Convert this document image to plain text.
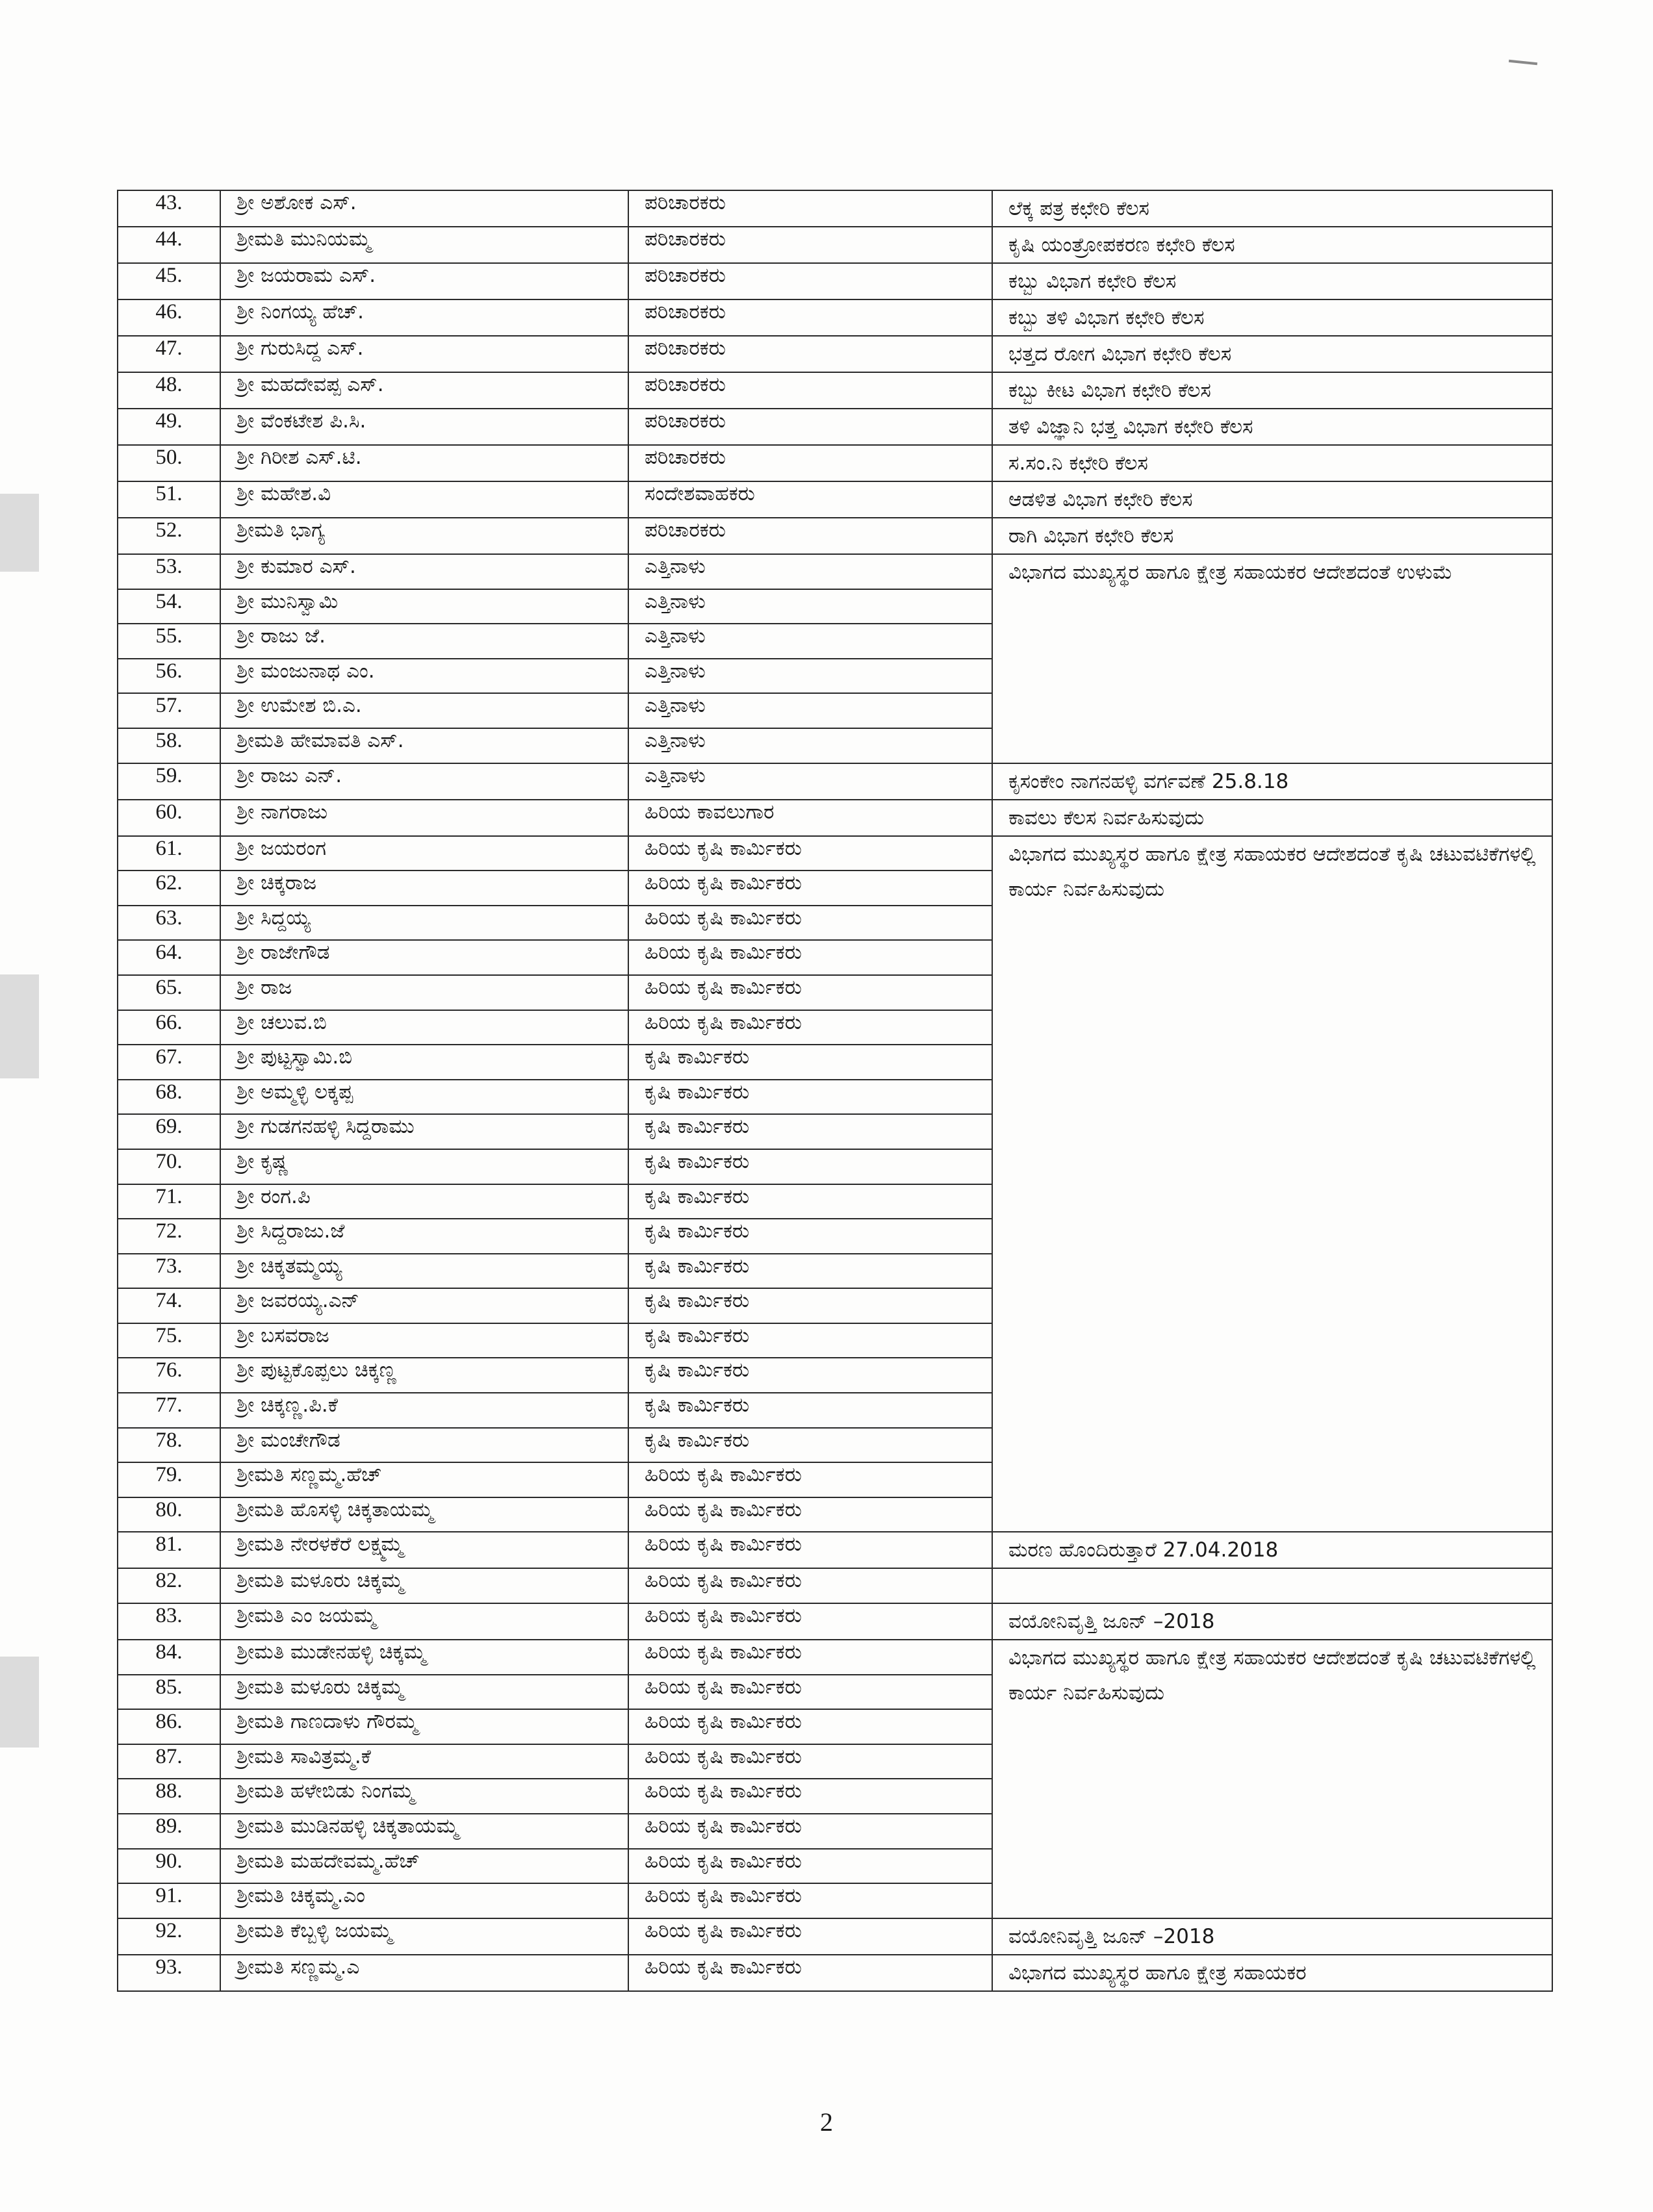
43.	ಶ್ರೀ ಅಶೋಕ ಎಸ್.	ಪರಿಚಾರಕರು	ಲೆಕ್ಕ ಪತ್ರ ಕಛೇರಿ ಕೆಲಸ
44.	ಶ್ರೀಮತಿ ಮುನಿಯಮ್ಮ	ಪರಿಚಾರಕರು	ಕೃಷಿ ಯಂತ್ರೋಪಕರಣ ಕಛೇರಿ ಕೆಲಸ
45.	ಶ್ರೀ ಜಯರಾಮ ಎಸ್.	ಪರಿಚಾರಕರು	ಕಬ್ಬು ವಿಭಾಗ ಕಛೇರಿ ಕೆಲಸ
46.	ಶ್ರೀ ನಿಂಗಯ್ಯ ಹೆಚ್.	ಪರಿಚಾರಕರು	ಕಬ್ಬು ತಳಿ ವಿಭಾಗ ಕಛೇರಿ ಕೆಲಸ
47.	ಶ್ರೀ ಗುರುಸಿದ್ದ ಎಸ್.	ಪರಿಚಾರಕರು	ಭತ್ತದ ರೋಗ ವಿಭಾಗ ಕಛೇರಿ ಕೆಲಸ
48.	ಶ್ರೀ ಮಹದೇವಪ್ಪ ಎಸ್.	ಪರಿಚಾರಕರು	ಕಬ್ಬು ಕೀಟ ವಿಭಾಗ ಕಛೇರಿ ಕೆಲಸ
49.	ಶ್ರೀ ವೆಂಕಟೇಶ ಪಿ.ಸಿ.	ಪರಿಚಾರಕರು	ತಳಿ ವಿಜ್ಞಾನಿ ಭತ್ತ ವಿಭಾಗ ಕಛೇರಿ ಕೆಲಸ
50.	ಶ್ರೀ ಗಿರೀಶ ಎಸ್.ಟಿ.	ಪರಿಚಾರಕರು	ಸ.ಸಂ.ನಿ ಕಛೇರಿ ಕೆಲಸ
51.	ಶ್ರೀ ಮಹೇಶ.ವಿ	ಸಂದೇಶವಾಹಕರು	ಆಡಳಿತ ವಿಭಾಗ ಕಛೇರಿ ಕೆಲಸ
52.	ಶ್ರೀಮತಿ ಭಾಗ್ಯ	ಪರಿಚಾರಕರು	ರಾಗಿ ವಿಭಾಗ ಕಛೇರಿ ಕೆಲಸ
53.	ಶ್ರೀ ಕುಮಾರ ಎಸ್.	ಎತ್ತಿನಾಳು	ವಿಭಾಗದ ಮುಖ್ಯಸ್ಥರ ಹಾಗೂ ಕ್ಷೇತ್ರ ಸಹಾಯಕರ ಆದೇಶದಂತೆ ಉಳುಮೆ
54.	ಶ್ರೀ ಮುನಿಸ್ವಾಮಿ	ಎತ್ತಿನಾಳು	
55.	ಶ್ರೀ ರಾಜು ಜೆ.	ಎತ್ತಿನಾಳು	
56.	ಶ್ರೀ ಮಂಜುನಾಥ ಎಂ.	ಎತ್ತಿನಾಳು	
57.	ಶ್ರೀ ಉಮೇಶ ಬಿ.ಎ.	ಎತ್ತಿನಾಳು	
58.	ಶ್ರೀಮತಿ ಹೇಮಾವತಿ ಎಸ್.	ಎತ್ತಿನಾಳು	
59.	ಶ್ರೀ ರಾಜು ಎನ್.	ಎತ್ತಿನಾಳು	ಕೃಸಂಕೇಂ ನಾಗನಹಳ್ಳಿ ವರ್ಗವಣೆ 25.8.18
60.	ಶ್ರೀ ನಾಗರಾಜು	ಹಿರಿಯ ಕಾವಲುಗಾರ	ಕಾವಲು ಕೆಲಸ ನಿರ್ವಹಿಸುವುದು
61.	ಶ್ರೀ ಜಯರಂಗ	ಹಿರಿಯ ಕೃಷಿ ಕಾರ್ಮಿಕರು	ವಿಭಾಗದ ಮುಖ್ಯಸ್ಥರ ಹಾಗೂ ಕ್ಷೇತ್ರ ಸಹಾಯಕರ ಆದೇಶದಂತೆ ಕೃಷಿ ಚಟುವಟಿಕೆಗಳಲ್ಲಿ ಕಾರ್ಯ ನಿರ್ವಹಿಸುವುದು
62.	ಶ್ರೀ ಚಿಕ್ಕರಾಜ	ಹಿರಿಯ ಕೃಷಿ ಕಾರ್ಮಿಕರು	
63.	ಶ್ರೀ ಸಿದ್ದಯ್ಯ	ಹಿರಿಯ ಕೃಷಿ ಕಾರ್ಮಿಕರು	
64.	ಶ್ರೀ ರಾಜೇಗೌಡ	ಹಿರಿಯ ಕೃಷಿ ಕಾರ್ಮಿಕರು	
65.	ಶ್ರೀ ರಾಜ	ಹಿರಿಯ ಕೃಷಿ ಕಾರ್ಮಿಕರು	
66.	ಶ್ರೀ ಚಲುವ.ಬಿ	ಹಿರಿಯ ಕೃಷಿ ಕಾರ್ಮಿಕರು	
67.	ಶ್ರೀ ಪುಟ್ಟಸ್ವಾಮಿ.ಬಿ	ಕೃಷಿ ಕಾರ್ಮಿಕರು	
68.	ಶ್ರೀ ಅಮ್ಮಳ್ಳಿ ಲಕ್ಕಪ್ಪ	ಕೃಷಿ ಕಾರ್ಮಿಕರು	
69.	ಶ್ರೀ ಗುಡಗನಹಳ್ಳಿ ಸಿದ್ದರಾಮು	ಕೃಷಿ ಕಾರ್ಮಿಕರು	
70.	ಶ್ರೀ ಕೃಷ್ಣ	ಕೃಷಿ ಕಾರ್ಮಿಕರು	
71.	ಶ್ರೀ ರಂಗ.ಪಿ	ಕೃಷಿ ಕಾರ್ಮಿಕರು	
72.	ಶ್ರೀ ಸಿದ್ದರಾಜು.ಜೆ	ಕೃಷಿ ಕಾರ್ಮಿಕರು	
73.	ಶ್ರೀ ಚಿಕ್ಕತಮ್ಮಯ್ಯ	ಕೃಷಿ ಕಾರ್ಮಿಕರು	
74.	ಶ್ರೀ ಜವರಯ್ಯ.ಎನ್	ಕೃಷಿ ಕಾರ್ಮಿಕರು	
75.	ಶ್ರೀ ಬಸವರಾಜ	ಕೃಷಿ ಕಾರ್ಮಿಕರು	
76.	ಶ್ರೀ ಪುಟ್ಟಕೊಪ್ಪಲು ಚಿಕ್ಕಣ್ಣ	ಕೃಷಿ ಕಾರ್ಮಿಕರು	
77.	ಶ್ರೀ ಚಿಕ್ಕಣ್ಣ.ಪಿ.ಕೆ	ಕೃಷಿ ಕಾರ್ಮಿಕರು	
78.	ಶ್ರೀ ಮಂಚೇಗೌಡ	ಕೃಷಿ ಕಾರ್ಮಿಕರು	
79.	ಶ್ರೀಮತಿ ಸಣ್ಣಮ್ಮ.ಹೆಚ್	ಹಿರಿಯ ಕೃಷಿ ಕಾರ್ಮಿಕರು	
80.	ಶ್ರೀಮತಿ ಹೊಸಳ್ಳಿ ಚಿಕ್ಕತಾಯಮ್ಮ	ಹಿರಿಯ ಕೃಷಿ ಕಾರ್ಮಿಕರು	
81.	ಶ್ರೀಮತಿ ನೇರಳಕೆರೆ ಲಕ್ಷ್ಮಮ್ಮ	ಹಿರಿಯ ಕೃಷಿ ಕಾರ್ಮಿಕರು	ಮರಣ ಹೊಂದಿರುತ್ತಾರೆ 27.04.2018
82.	ಶ್ರೀಮತಿ ಮಳೂರು ಚಿಕ್ಕಮ್ಮ	ಹಿರಿಯ ಕೃಷಿ ಕಾರ್ಮಿಕರು	
83.	ಶ್ರೀಮತಿ ಎಂ ಜಯಮ್ಮ	ಹಿರಿಯ ಕೃಷಿ ಕಾರ್ಮಿಕರು	ವಯೋನಿವೃತ್ತಿ ಜೂನ್ –2018
84.	ಶ್ರೀಮತಿ ಮುಡೇನಹಳ್ಳಿ ಚಿಕ್ಕಮ್ಮ	ಹಿರಿಯ ಕೃಷಿ ಕಾರ್ಮಿಕರು	ವಿಭಾಗದ ಮುಖ್ಯಸ್ಥರ ಹಾಗೂ ಕ್ಷೇತ್ರ ಸಹಾಯಕರ ಆದೇಶದಂತೆ ಕೃಷಿ ಚಟುವಟಿಕೆಗಳಲ್ಲಿ ಕಾರ್ಯ ನಿರ್ವಹಿಸುವುದು
85.	ಶ್ರೀಮತಿ ಮಳೂರು ಚಿಕ್ಕಮ್ಮ	ಹಿರಿಯ ಕೃಷಿ ಕಾರ್ಮಿಕರು	
86.	ಶ್ರೀಮತಿ ಗಾಣದಾಳು ಗೌರಮ್ಮ	ಹಿರಿಯ ಕೃಷಿ ಕಾರ್ಮಿಕರು	
87.	ಶ್ರೀಮತಿ ಸಾವಿತ್ರಮ್ಮ.ಕೆ	ಹಿರಿಯ ಕೃಷಿ ಕಾರ್ಮಿಕರು	
88.	ಶ್ರೀಮತಿ ಹಳೇಬಿಡು ನಿಂಗಮ್ಮ	ಹಿರಿಯ ಕೃಷಿ ಕಾರ್ಮಿಕರು	
89.	ಶ್ರೀಮತಿ ಮುಡಿನಹಳ್ಳಿ ಚಿಕ್ಕತಾಯಮ್ಮ	ಹಿರಿಯ ಕೃಷಿ ಕಾರ್ಮಿಕರು	
90.	ಶ್ರೀಮತಿ ಮಹದೇವಮ್ಮ.ಹೆಚ್	ಹಿರಿಯ ಕೃಷಿ ಕಾರ್ಮಿಕರು	
91.	ಶ್ರೀಮತಿ ಚಿಕ್ಕಮ್ಮ.ಎಂ	ಹಿರಿಯ ಕೃಷಿ ಕಾರ್ಮಿಕರು	
92.	ಶ್ರೀಮತಿ ಕೆಬ್ಬಳ್ಳಿ ಜಯಮ್ಮ	ಹಿರಿಯ ಕೃಷಿ ಕಾರ್ಮಿಕರು	ವಯೋನಿವೃತ್ತಿ ಜೂನ್ –2018
93.	ಶ್ರೀಮತಿ ಸಣ್ಣಮ್ಮ.ಎ	ಹಿರಿಯ ಕೃಷಿ ಕಾರ್ಮಿಕರು	ವಿಭಾಗದ ಮುಖ್ಯಸ್ಥರ ಹಾಗೂ ಕ್ಷೇತ್ರ ಸಹಾಯಕರ
2
